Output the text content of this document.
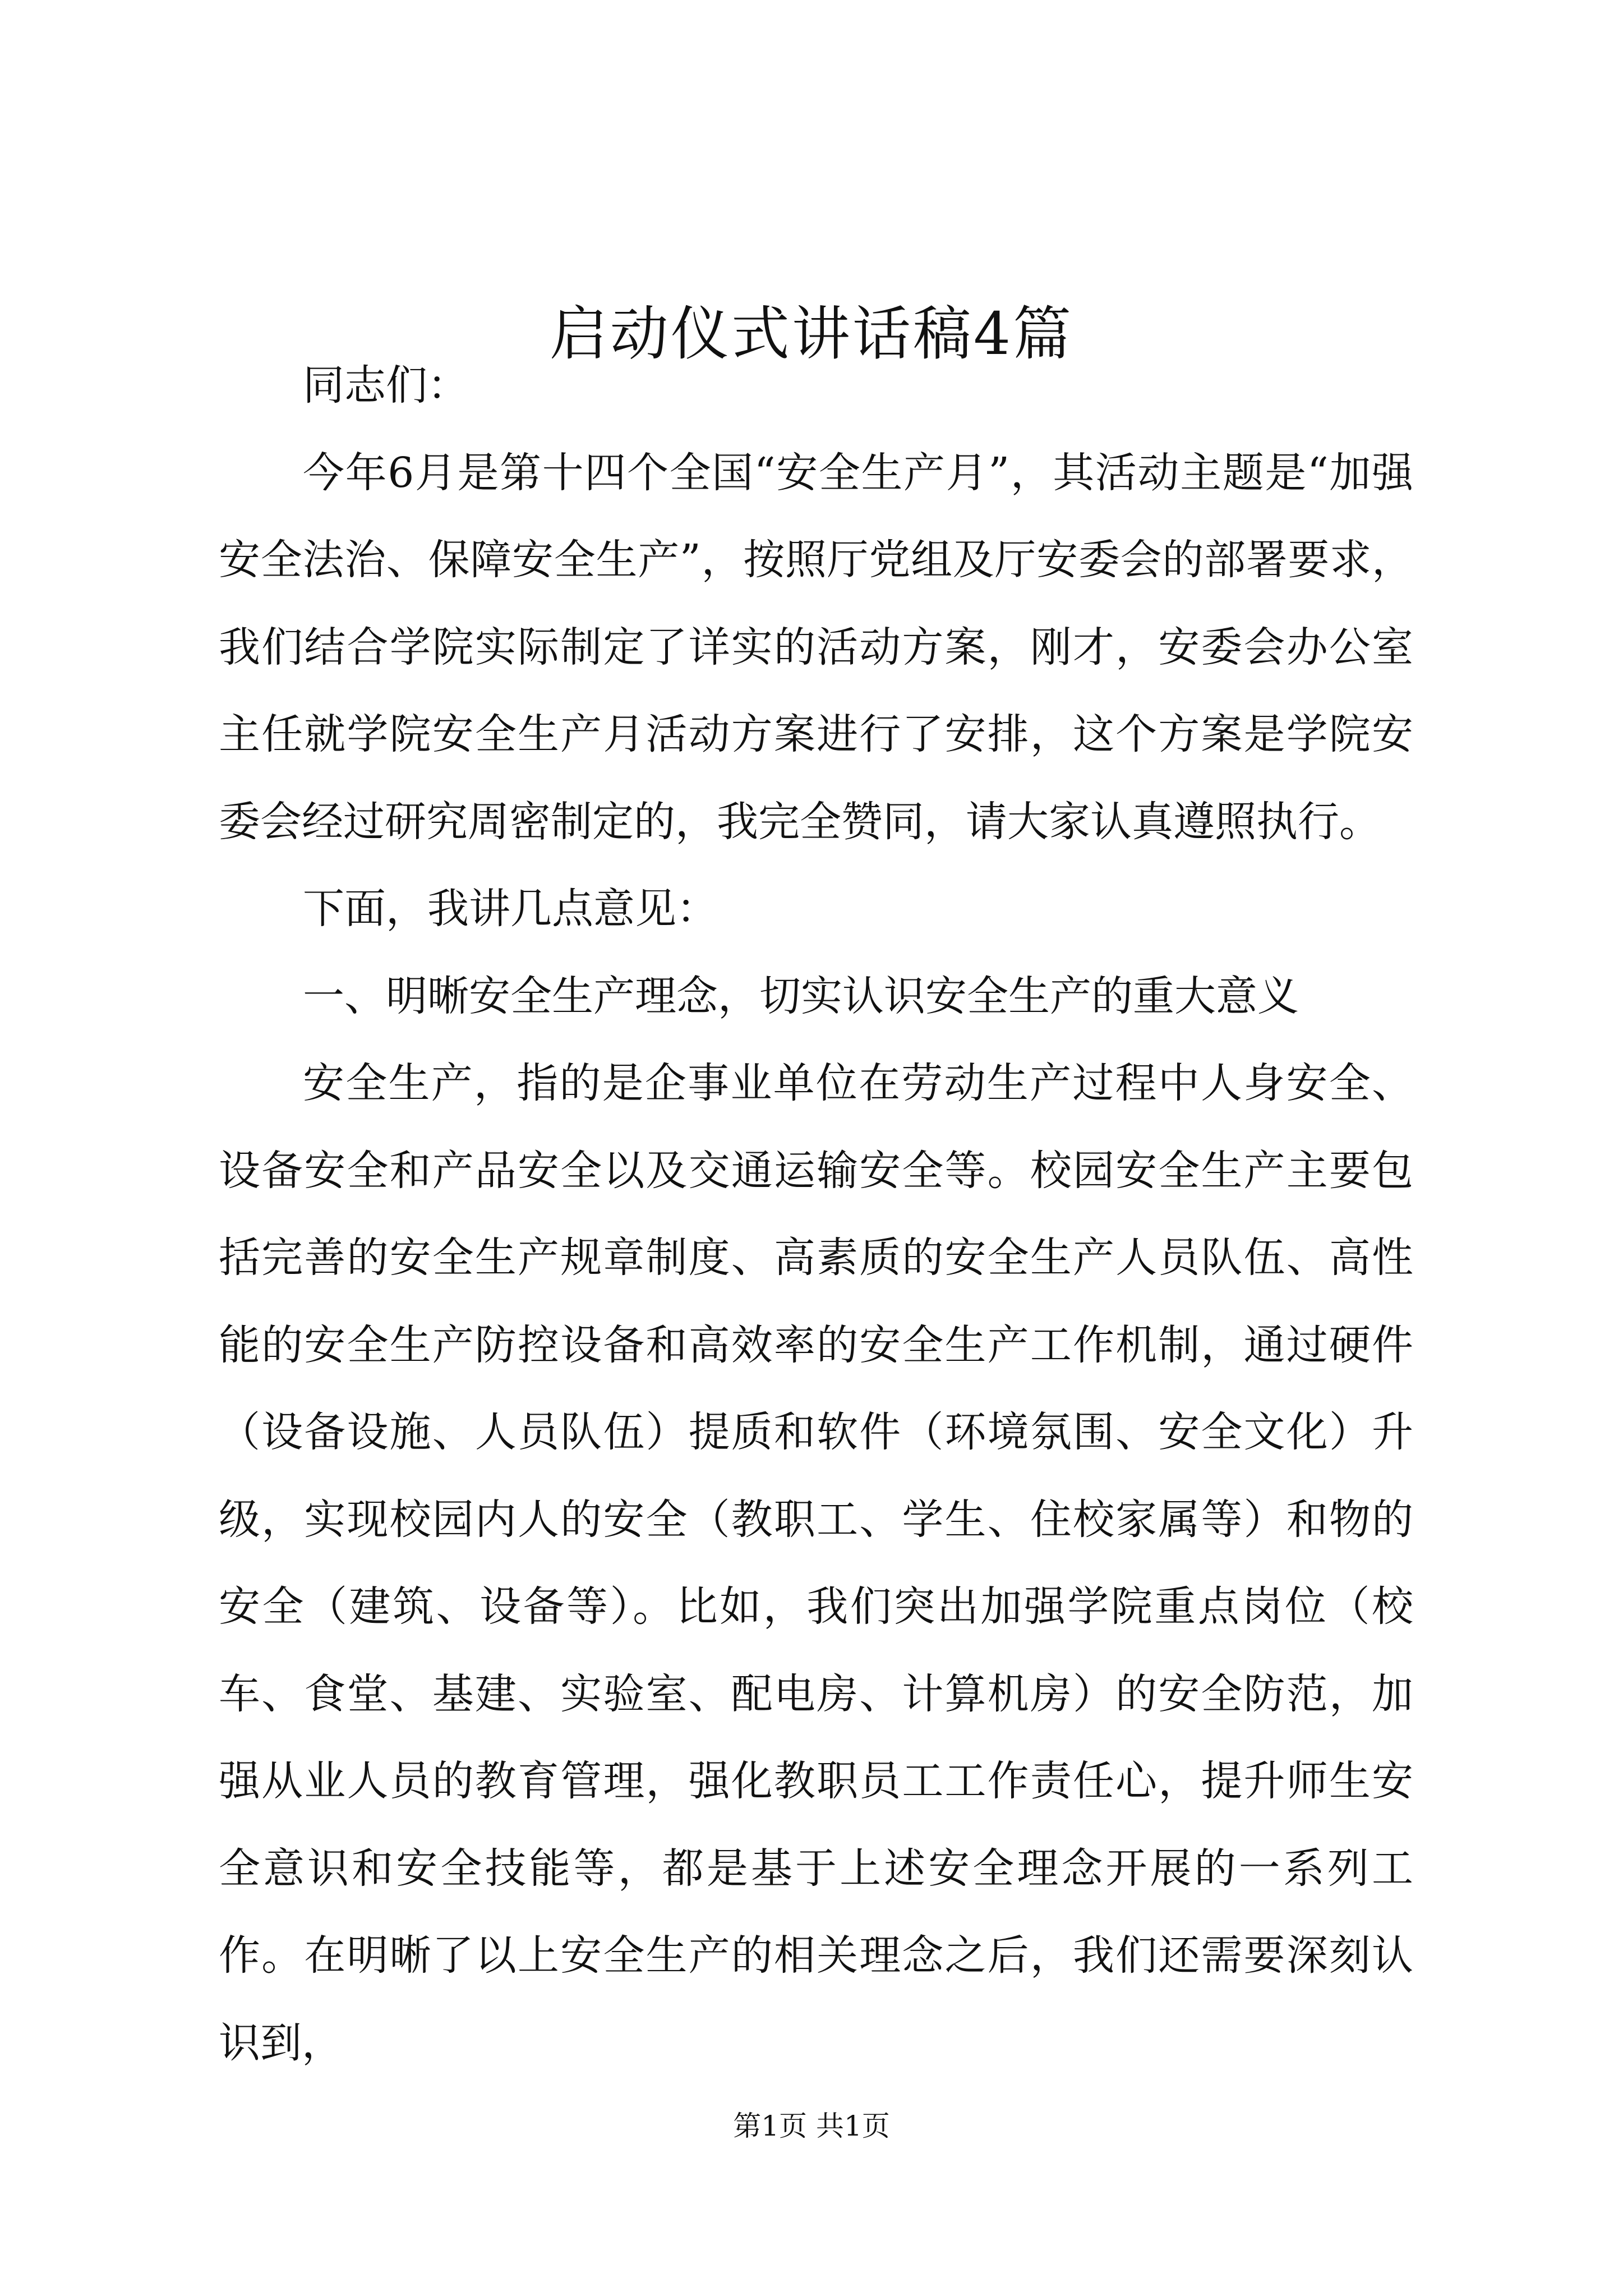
启动仪式讲话稿4篇

同志们：

今年6月是第十四个全国“安全生产月”，其活动主题是“加强安全法治、保障安全生产”，按照厅党组及厅安委会的部署要求，我们结合学院实际制定了详实的活动方案，刚才，安委会办公室主任就学院安全生产月活动方案进行了安排，这个方案是学院安委会经过研究周密制定的，我完全赞同，请大家认真遵照执行。

下面，我讲几点意见：

一、明晰安全生产理念，切实认识安全生产的重大意义

安全生产，指的是企事业单位在劳动生产过程中人身安全、设备安全和产品安全以及交通运输安全等。校园安全生产主要包括完善的安全生产规章制度、高素质的安全生产人员队伍、高性能的安全生产防控设备和高效率的安全生产工作机制，通过硬件（设备设施、人员队伍）提质和软件（环境氛围、安全文化）升级，实现校园内人的安全（教职工、学生、住校家属等）和物的安全（建筑、设备等）。比如，我们突出加强学院重点岗位（校车、食堂、基建、实验室、配电房、计算机房）的安全防范，加强从业人员的教育管理，强化教职员工工作责任心，提升师生安全意识和安全技能等，都是基于上述安全理念开展的一系列工作。在明晰了以上安全生产的相关理念之后，我们还需要深刻认识到，

第1页 共1页
